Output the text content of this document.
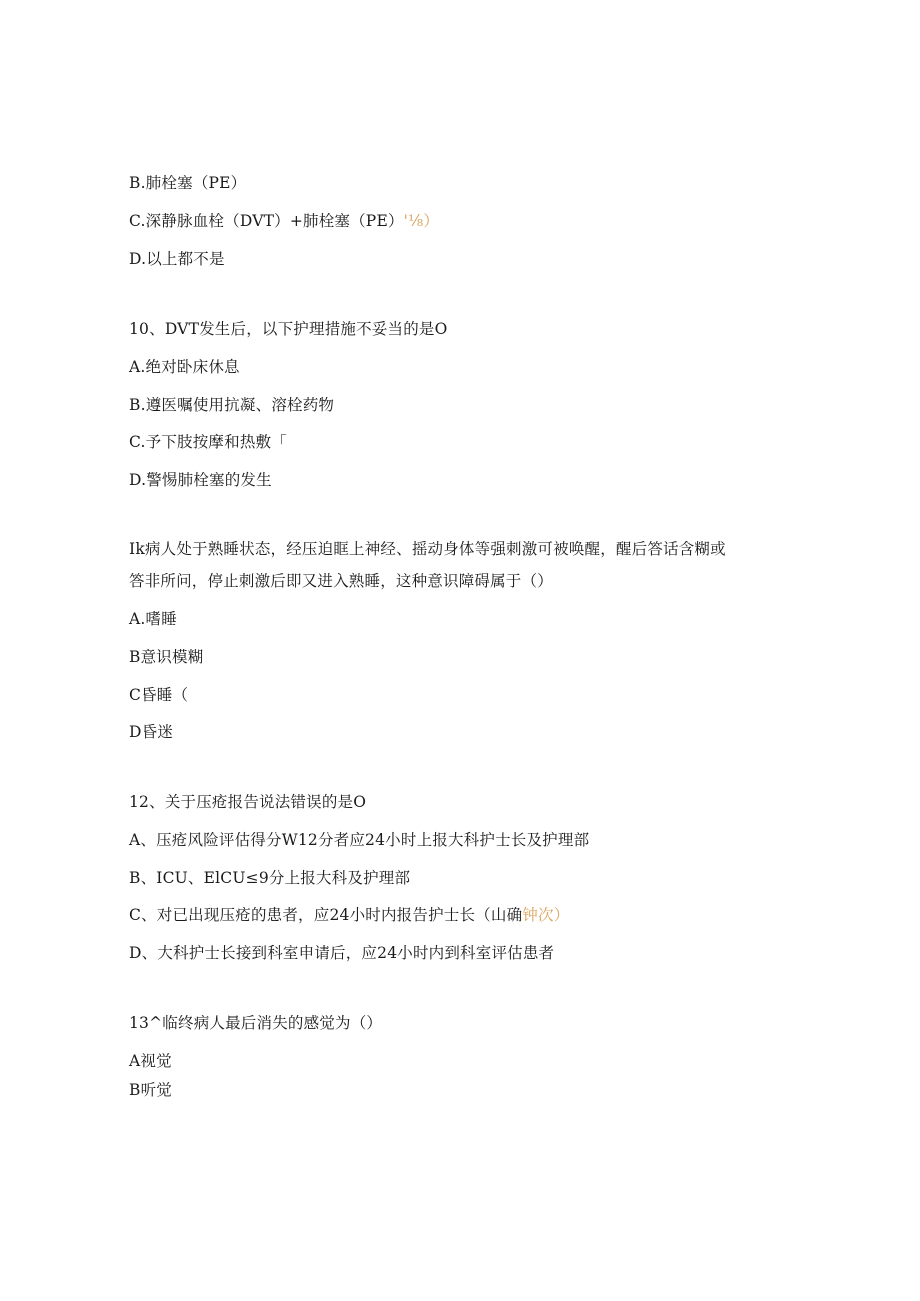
B.肺栓塞（PE）
C.深静脉血栓（DVT）+肺栓塞（PE）'⅛）
D.以上都不是
10、DVT发生后，以下护理措施不妥当的是O
A.绝对卧床休息
B.遵医嘱使用抗凝、溶栓药物
C.予下肢按摩和热敷「
D.警惕肺栓塞的发生
Ik病人处于熟睡状态，经压迫眶上神经、摇动身体等强刺激可被唤醒，醒后答话含糊或
答非所问，停止刺激后即又进入熟睡，这种意识障碍属于（）
A.嗜睡
B意识模糊
C昏睡（
D昏迷
12、关于压疮报告说法错误的是O
A、压疮风险评估得分W12分者应24小时上报大科护士长及护理部
B、ICU、ElCU≤9分上报大科及护理部
C、对已出现压疮的患者，应24小时内报告护士长（山确钟次）
D、大科护士长接到科室申请后，应24小时内到科室评估患者
13^临终病人最后消失的感觉为（）
A视觉
B听觉
